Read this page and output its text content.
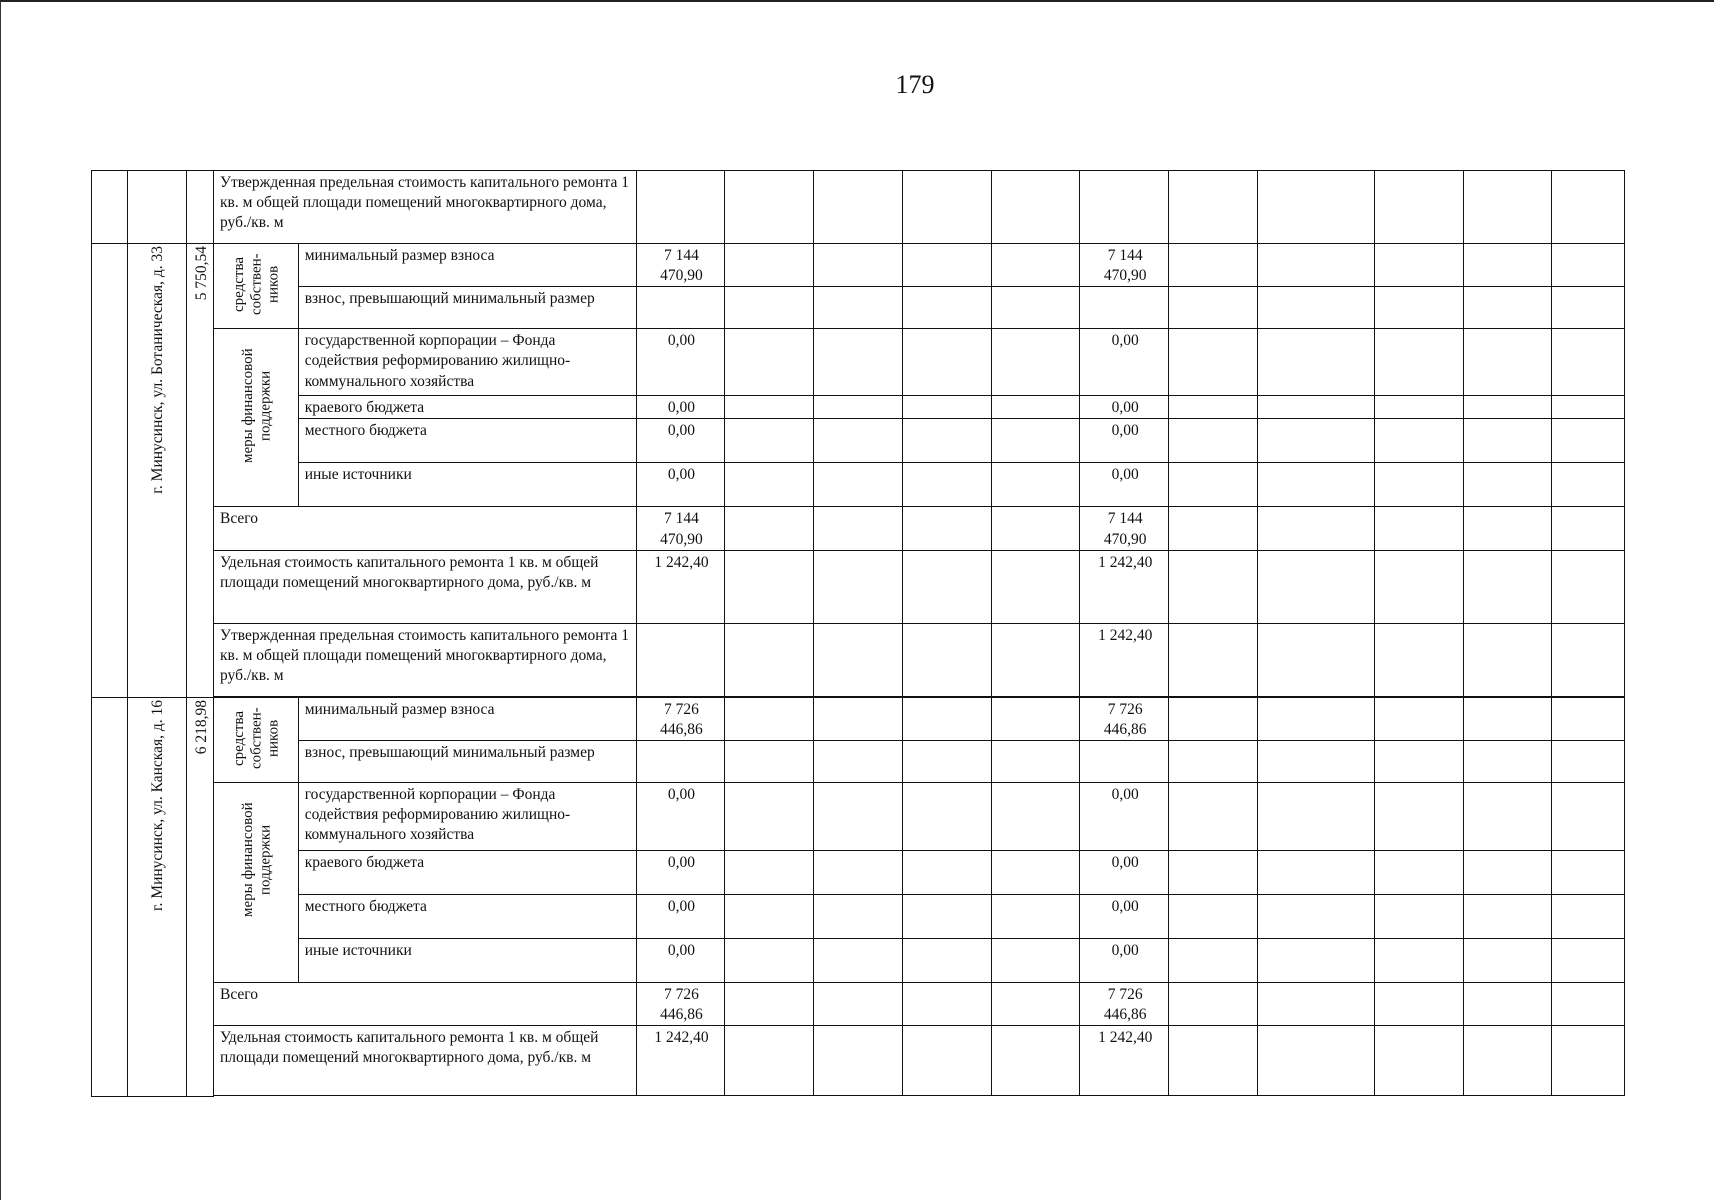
179
			Утвержденная предельная стоимость капитального ремонта 1 кв. м общей площади помещений многоквартирного дома, руб./кв. м												
	г. Минусинск, ул. Ботаническая, д. 33	5 750,54	средства собствен-ников	минимальный размер взноса	7 144 470,90					7 144 470,90					
				взнос, превышающий минимальный размер											
			меры финансовой поддержки	государственной корпорации – Фонда содействия реформированию жилищно-коммунального хозяйства	0,00					0,00					
				краевого бюджета	0,00					0,00					
				местного бюджета	0,00					0,00					
				иные источники	0,00					0,00					
			Всего		7 144 470,90					7 144 470,90					
			Удельная стоимость капитального ремонта 1 кв. м общей площади помещений многоквартирного дома, руб./кв. м		1 242,40					1 242,40					
			Утвержденная предельная стоимость капитального ремонта 1 кв. м общей площади помещений многоквартирного дома, руб./кв. м							1 242,40					

	г. Минусинск, ул. Канская, д. 16	6 218,98	средства собствен-ников	минимальный размер взноса	7 726 446,86					7 726 446,86					
				взнос, превышающий минимальный размер											
			меры финансовой поддержки	государственной корпорации – Фонда содействия реформированию жилищно-коммунального хозяйства	0,00					0,00					
				краевого бюджета	0,00					0,00					
				местного бюджета	0,00					0,00					
				иные источники	0,00					0,00					
			Всего		7 726 446,86					7 726 446,86					
			Удельная стоимость капитального ремонта 1 кв. м общей площади помещений многоквартирного дома, руб./кв. м		1 242,40					1 242,40					
